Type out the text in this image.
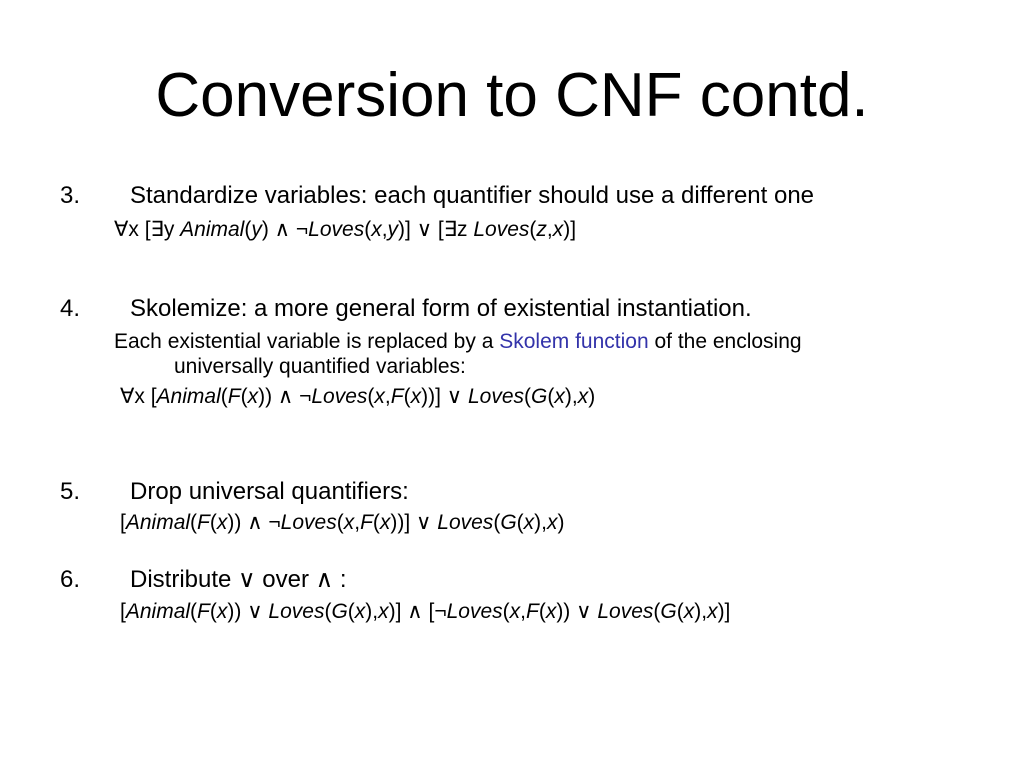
Conversion to CNF contd.
3. Standardize variables: each quantifier should use a different one
∀x [∃y Animal(y) ∧ ¬Loves(x,y)] ∨ [∃z Loves(z,x)]
4. Skolemize: a more general form of existential instantiation.
Each existential variable is replaced by a Skolem function of the enclosing
universally quantified variables:
∀x [Animal(F(x)) ∧ ¬Loves(x,F(x))] ∨ Loves(G(x),x)
5. Drop universal quantifiers:
[Animal(F(x)) ∧ ¬Loves(x,F(x))] ∨ Loves(G(x),x)
6. Distribute ∨ over ∧ :
[Animal(F(x)) ∨ Loves(G(x),x)] ∧ [¬Loves(x,F(x)) ∨ Loves(G(x),x)]
